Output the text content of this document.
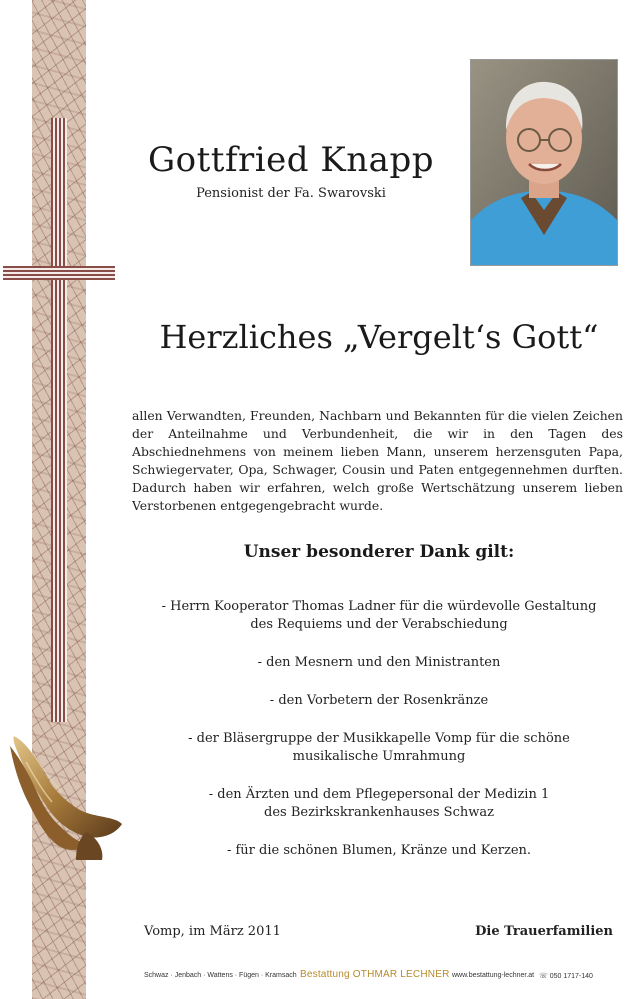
Gottfried Knapp
Pensionist der Fa. Swarovski
Herzliches „Vergelt‘s Gott“
allen Verwandten, Freunden, Nachbarn und Bekannten für die vielen Zeichen der Anteilnahme und Verbundenheit, die wir in den Tagen des Abschiednehmens von meinem lieben Mann, unserem herzensguten Papa, Schwiegervater, Opa, Schwager, Cousin und Paten entgegennehmen durften. Dadurch haben wir erfahren, welch große Wertschätzung unserem lieben Verstorbenen entgegengebracht wurde.
Unser besonderer Dank gilt:
- Herrn Kooperator Thomas Ladner für die würdevolle Gestaltung
des Requiems und der Verabschiedung
- den Mesnern und den Ministranten
- den Vorbetern der Rosenkränze
- der Bläsergruppe der Musikkapelle Vomp für die schöne
musikalische Umrahmung
- den Ärzten und dem Pflegepersonal der Medizin 1
des Bezirkskrankenhauses Schwaz
- für die schönen Blumen, Kränze und Kerzen.
Vomp, im März 2011	Die Trauerfamilien
Schwaz · Jenbach · Wattens · Fügen · Kramsach Bestattung OTHMAR LECHNER www.bestattung-lechner.at ☏ 050 1717-140
